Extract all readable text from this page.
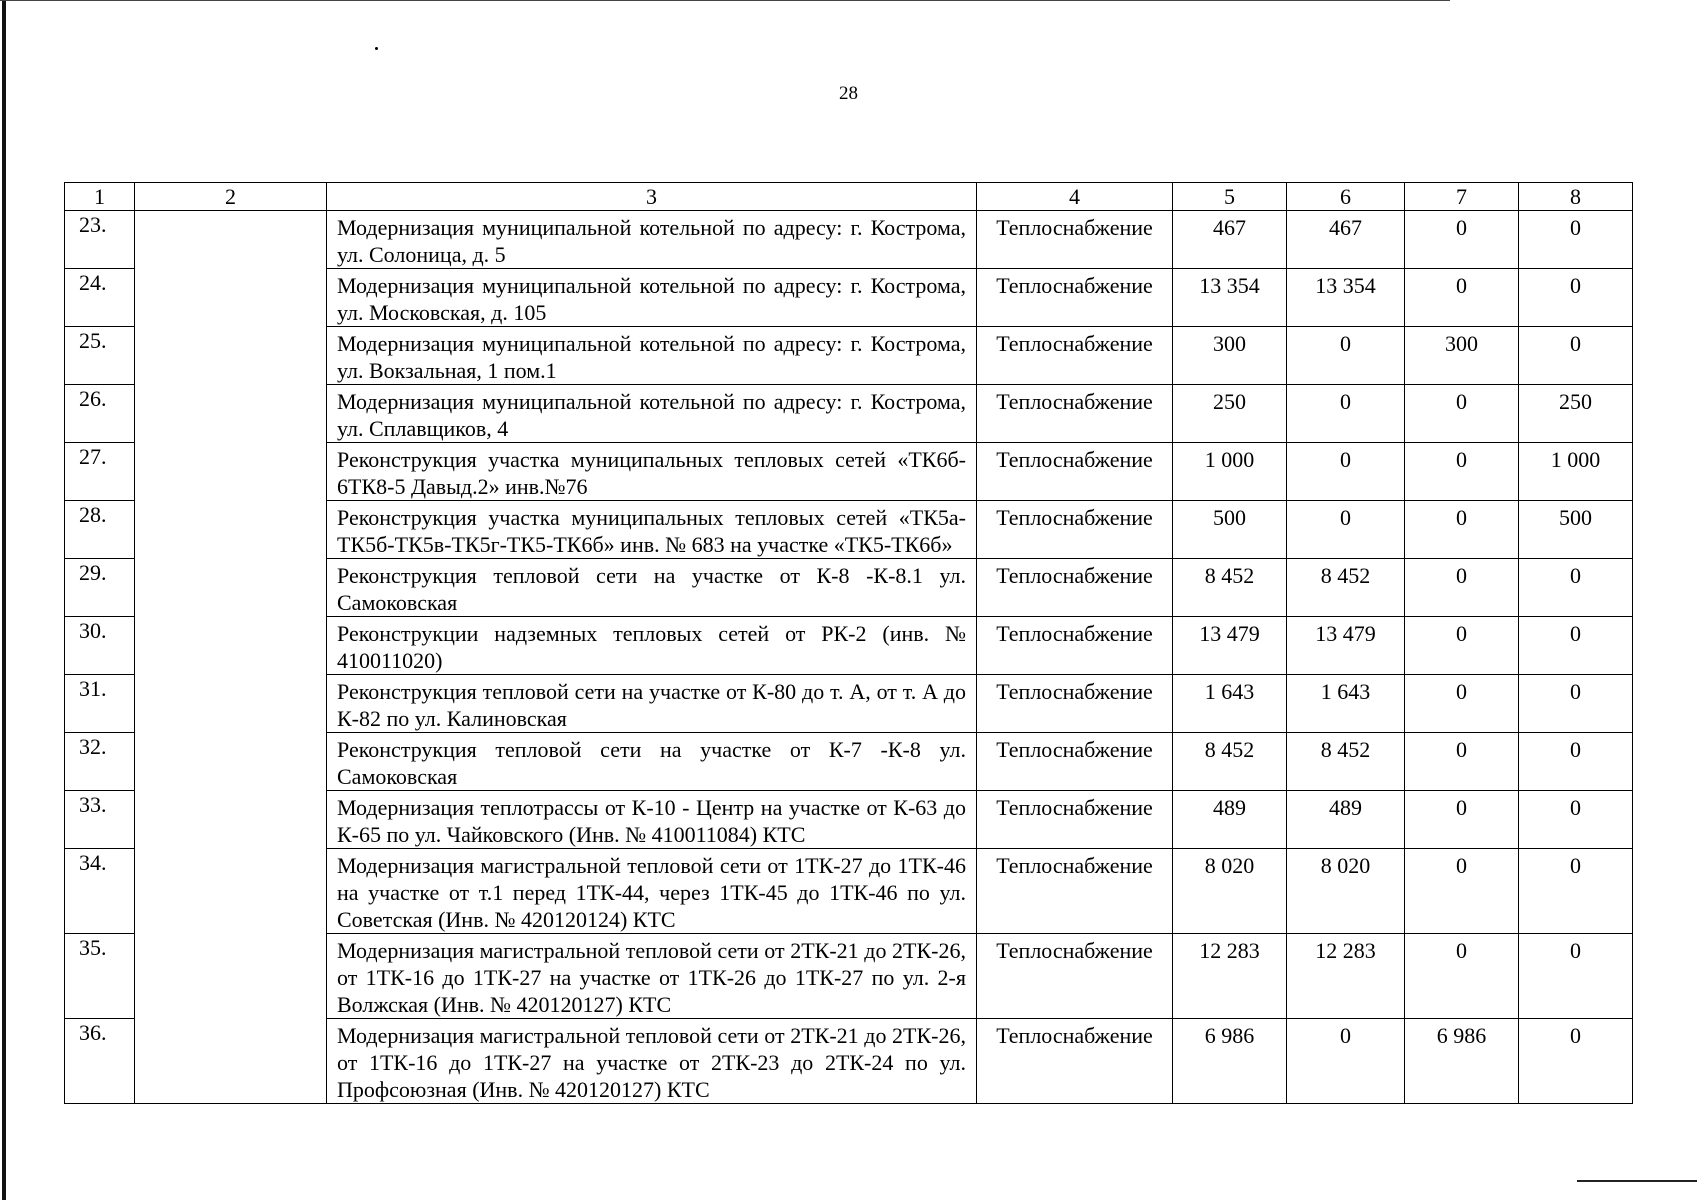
28
1	2	3	4	5	6	7	8
23.		Модернизация муниципальной котельной по адресу: г. Кострома, ул. Солоница, д. 5	Теплоснабжение	467	467	0	0
24.		Модернизация муниципальной котельной по адресу: г. Кострома, ул. Московская, д. 105	Теплоснабжение	13 354	13 354	0	0
25.		Модернизация муниципальной котельной по адресу: г. Кострома, ул. Вокзальная, 1 пом.1	Теплоснабжение	300	0	300	0
26.		Модернизация муниципальной котельной по адресу: г. Кострома, ул. Сплавщиков, 4	Теплоснабжение	250	0	0	250
27.		Реконструкция участка муниципальных тепловых сетей «ТК6б- 6ТК8-5 Давыд.2» инв.№76	Теплоснабжение	1 000	0	0	1 000
28.		Реконструкция участка муниципальных тепловых сетей «ТК5а-ТК5б-ТК5в-ТК5г-ТК5-ТК6б» инв. № 683 на участке «ТК5-ТК6б»	Теплоснабжение	500	0	0	500
29.		Реконструкция тепловой сети на участке от К-8 -К-8.1 ул. Самоковская	Теплоснабжение	8 452	8 452	0	0
30.		Реконструкции надземных тепловых сетей от РК-2 (инв. № 410011020)	Теплоснабжение	13 479	13 479	0	0
31.		Реконструкция тепловой сети на участке от К-80 до т. А, от т. А до К-82 по ул. Калиновская	Теплоснабжение	1 643	1 643	0	0
32.		Реконструкция тепловой сети на участке от К-7 -К-8 ул. Самоковская	Теплоснабжение	8 452	8 452	0	0
33.		Модернизация теплотрассы от К-10 - Центр на участке от К-63 до К-65 по ул. Чайковского (Инв. № 410011084) КТС	Теплоснабжение	489	489	0	0
34.		Модернизация магистральной тепловой сети от 1ТК-27 до 1ТК-46 на участке от т.1 перед 1ТК-44, через 1ТК-45 до 1ТК-46 по ул. Советская (Инв. № 420120124) КТС	Теплоснабжение	8 020	8 020	0	0
35.		Модернизация магистральной тепловой сети от 2ТК-21 до 2ТК-26, от 1ТК-16 до 1ТК-27 на участке от 1ТК-26 до 1ТК-27 по ул. 2-я Волжская (Инв. № 420120127) КТС	Теплоснабжение	12 283	12 283	0	0
36.		Модернизация магистральной тепловой сети от 2ТК-21 до 2ТК-26, от 1ТК-16 до 1ТК-27 на участке от 2ТК-23 до 2ТК-24 по ул. Профсоюзная (Инв. № 420120127) КТС	Теплоснабжение	6 986	0	6 986	0
